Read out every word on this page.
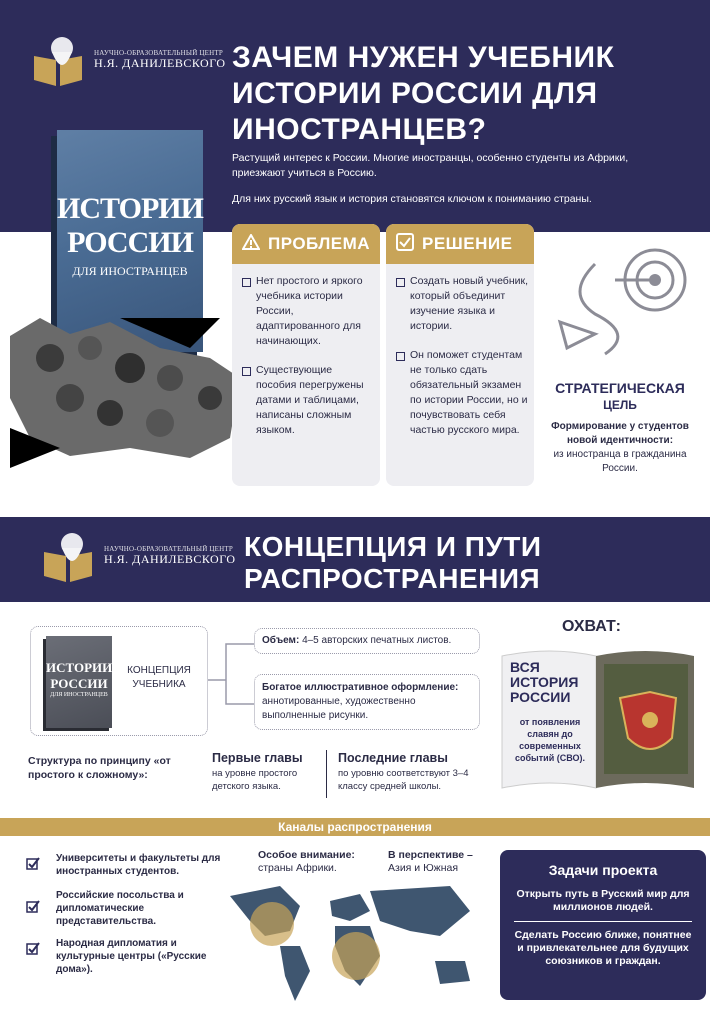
НАУЧНО-ОБРАЗОВАТЕЛЬНЫЙ ЦЕНТР
Н.Я. ДАНИЛЕВСКОГО ЗАЧЕМ НУЖЕН УЧЕБНИК ИСТОРИИ РОССИИ ДЛЯ ИНОСТРАНЦЕВ?
Растущий интерес к России. Многие иностранцы, особенно студенты из Африки, приезжают учиться в Россию.
Для них русский язык и история становятся ключом к пониманию страны.
ИСТОРИИ
РОССИИ
ДЛЯ ИНОСТРАНЦЕВ
ПРОБЛЕМА
Нет простого и яркого учебника истории России, адаптированного для начинающих.
Существующие пособия перегружены датами и таблицами, написаны сложным языком.
РЕШЕНИЕ
Создать новый учебник, который объединит изучение языка и истории.
Он поможет студентам не только сдать обязательный экзамен по истории России, но и почувствовать себя частью русского мира.
СТРАТЕГИЧЕСКАЯ
ЦЕЛЬ
Формирование у студентов новой идентичности:
из иностранца в гражданина России.
НАУЧНО-ОБРАЗОВАТЕЛЬНЫЙ ЦЕНТР
Н.Я. ДАНИЛЕВСКОГО КОНЦЕПЦИЯ И ПУТИ
РАСПРОСТРАНЕНИЯ
ИСТОРИИ
РОССИИ
ДЛЯ ИНОСТРАНЦЕВ
КОНЦЕПЦИЯ
УЧЕБНИКА
Объем: 4–5 авторских печатных листов.
Богатое иллюстративное оформление: аннотированные, художественно выполненные рисунки.
Структура по принципу «от простого к сложному»:
Первые главы
на уровне простого детского языка.
Последние главы
по уровню соответствуют 3–4 классу средней школы.
ОХВАТ:
ВСЯ ИСТОРИЯ РОССИИ
от появления славян до современных событий (СВО).
Каналы распространения
Университеты и факультеты для иностранных студентов.
Российские посольства и дипломатические представительства.
Народная дипломатия и культурные центры («Русские дома»).
Особое внимание:
страны Африки.
В перспективе –
Азия и Южная	Задачи проекта
Открыть путь в Русский мир для миллионов людей.
Сделать Россию ближе, понятнее и привлекательнее для будущих союзников и граждан.
